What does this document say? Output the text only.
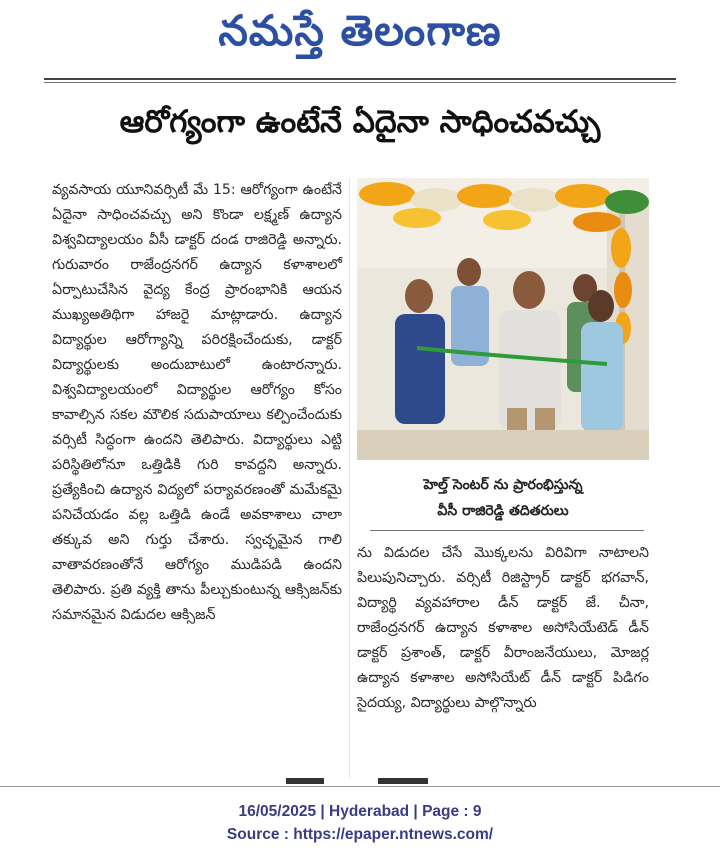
నమస్తే తెలంగాణ
ఆరోగ్యంగా ఉంటేనే ఏదైనా సాధించవచ్చు

వ్యవసాయ యూనివర్సిటీ మే 15: ఆరోగ్యంగా ఉంటేనే ఏదైనా సాధించవచ్చు అని కొండా లక్ష్మణ్ ఉద్యాన విశ్వవిద్యాలయం వీసీ డాక్టర్ దండ రాజిరెడ్డి అన్నారు. గురువారం రాజేంద్రనగర్ ఉద్యాన కళాశాలలో ఏర్పాటుచేసిన వైద్య కేంద్ర ప్రారంభానికి ఆయన ముఖ్యఅతిథిగా హాజరై మాట్లాడారు. ఉద్యాన విద్యార్థుల ఆరోగ్యాన్ని పరిరక్షించేందుకు, డాక్టర్ విద్యార్థులకు అందుబాటులో ఉంటారన్నారు. విశ్వవిద్యాలయంలో విద్యార్థుల ఆరోగ్యం కోసం కావాల్సిన సకల మౌలిక సదుపాయాలు కల్పించేందుకు వర్సిటీ సిద్ధంగా ఉందని తెలిపారు. విద్యార్థులు ఎట్టి పరిస్థితిలోనూ ఒత్తిడికి గురి కావద్దని అన్నారు. ప్రత్యేకించి ఉద్యాన విద్యలో పర్యావరణంతో మమేకమై పనిచేయడం వల్ల ఒత్తిడి ఉండే అవకాశాలు చాలా తక్కువ అని గుర్తు చేశారు. స్వచ్ఛమైన గాలి వాతావరణంతోనే ఆరోగ్యం ముడిపడి ఉందని తెలిపారు. ప్రతి వ్యక్తి తాను పీల్చుకుంటున్న ఆక్సిజన్‌కు సమానమైన విడుదల ఆక్సిజన్

హెల్త్ సెంటర్ ను ప్రారంభిస్తున్న
వీసీ రాజిరెడ్డి తదితరులు

ను విడుదల చేసే మొక్కలను విరివిగా నాటాలని పిలుపునిచ్చారు. వర్సిటీ రిజిస్ట్రార్ డాక్టర్ భగవాన్, విద్యార్థి వ్యవహారాల డీన్ డాక్టర్ జే. చీనా, రాజేంద్రనగర్ ఉద్యాన కళాశాల అసోసియేటెడ్ డీన్ డాక్టర్ ప్రశాంత్, డాక్టర్ వీరాంజనేయులు, మోజర్ల ఉద్యాన కళాశాల అసోసియేట్ డీన్ డాక్టర్ పిడిగం సైదయ్య, విద్యార్థులు పాల్గొన్నారు

16/05/2025 | Hyderabad | Page : 9
Source : https://epaper.ntnews.com/
